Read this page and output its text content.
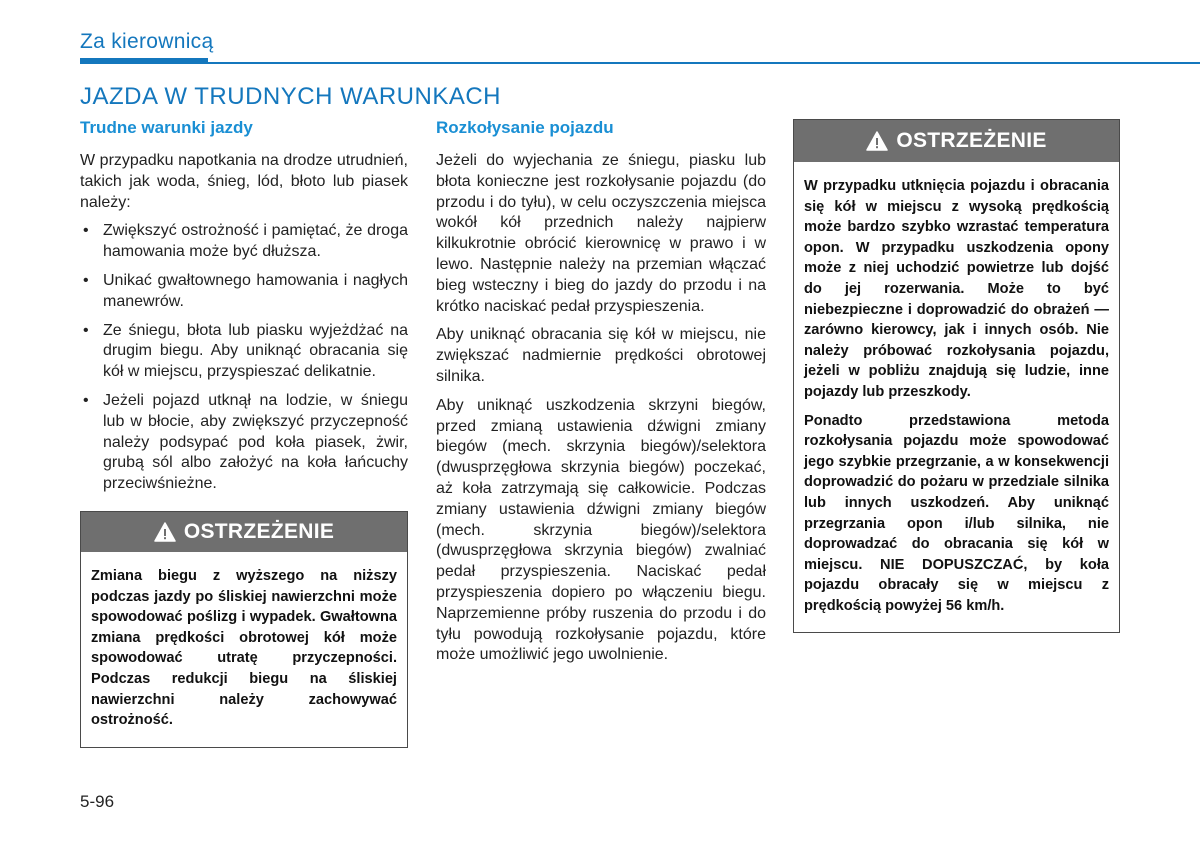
Za kierownicą
JAZDA W TRUDNYCH WARUNKACH
Trudne warunki jazdy

W przypadku napotkania na drodze utrudnień, takich jak woda, śnieg, lód, błoto lub piasek należy:

• Zwiększyć ostrożność i pamiętać, że droga hamowania może być dłuższa.
• Unikać gwałtownego hamowania i nagłych manewrów.
• Ze śniegu, błota lub piasku wyjeżdżać na drugim biegu. Aby uniknąć obracania się kół w miejscu, przyspieszać delikatnie.
• Jeżeli pojazd utknął na lodzie, w śniegu lub w błocie, aby zwiększyć przyczepność należy podsypać pod koła piasek, żwir, grubą sól albo założyć na koła łańcuchy przeciwśnieżne.
OSTRZEŻENIE

Zmiana biegu z wyższego na niższy podczas jazdy po śliskiej nawierzchni może spowodować poślizg i wypadek. Gwałtowna zmiana prędkości obrotowej kół może spowodować utratę przyczepności. Podczas redukcji biegu na śliskiej nawierzchni należy zachowywać ostrożność.

Rozkołysanie pojazdu

Jeżeli do wyjechania ze śniegu, piasku lub błota konieczne jest rozkołysanie pojazdu (do przodu i do tyłu), w celu oczyszczenia miejsca wokół kół przednich należy najpierw kilkukrotnie obrócić kierownicę w prawo i w lewo. Następnie należy na przemian włączać bieg wsteczny i bieg do jazdy do przodu i na krótko naciskać pedał przyspieszenia.

Aby uniknąć obracania się kół w miejscu, nie zwiększać nadmiernie prędkości obrotowej silnika.

Aby uniknąć uszkodzenia skrzyni biegów, przed zmianą ustawienia dźwigni zmiany biegów (mech. skrzynia biegów)/selektora (dwusprzęgłowa skrzynia biegów) poczekać, aż koła zatrzymają się całkowicie. Podczas zmiany ustawienia dźwigni zmiany biegów (mech. skrzynia biegów)/selektora (dwusprzęgłowa skrzynia biegów) zwalniać pedał przyspieszenia. Naciskać pedał przyspieszenia dopiero po włączeniu biegu. Naprzemienne próby ruszenia do przodu i do tyłu powodują rozkołysanie pojazdu, które może umożliwić jego uwolnienie.

OSTRZEŻENIE

W przypadku utknięcia pojazdu i obracania się kół w miejscu z wysoką prędkością może bardzo szybko wzrastać temperatura opon. W przypadku uszkodzenia opony może z niej uchodzić powietrze lub dojść do jej rozerwania. Może to być niebezpieczne i doprowadzić do obrażeń — zarówno kierowcy, jak i innych osób. Nie należy próbować rozkołysania pojazdu, jeżeli w pobliżu znajdują się ludzie, inne pojazdy lub przeszkody.

Ponadto przedstawiona metoda rozkołysania pojazdu może spowodować jego szybkie przegrzanie, a w konsekwencji doprowadzić do pożaru w przedziale silnika lub innych uszkodzeń. Aby uniknąć przegrzania opon i/lub silnika, nie doprowadzać do obracania się kół w miejscu. NIE DOPUSZCZAĆ, by koła pojazdu obracały się w miejscu z prędkością powyżej 56 km/h.

5-96
